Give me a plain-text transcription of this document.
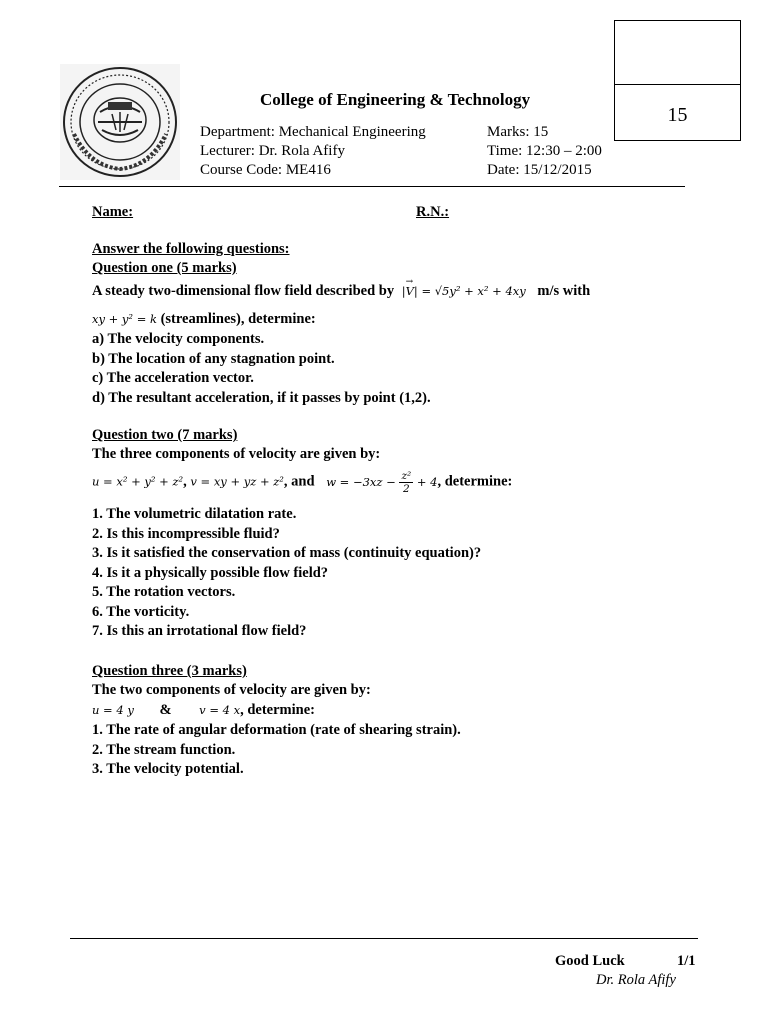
15
College of Engineering & Technology
Department: Mechanical Engineering
Lecturer: Dr. Rola Afify
Course Code: ME416
Marks: 15
Time: 12:30 – 2:00
Date: 15/12/2015
Name:	R.N.:
Answer the following questions:
Question one (5 marks)
A steady two-dimensional flow field described by |→ V| = √5y² + x² + 4xy m/s with
xy + y² = k (streamlines), determine:
a) The velocity components.
b) The location of any stagnation point.
c) The acceleration vector.
d) The resultant acceleration, if it passes by point (1,2).
Question two (7 marks)
The three components of velocity are given by:
u = x² + y² + z², v = xy + yz + z², and $w = -3xz - \frac{\text{z²}}{2} + 4$, determine:
1. The volumetric dilatation rate.
2. Is this incompressible fluid?
3. Is it satisfied the conservation of mass (continuity equation)?
4. Is it a physically possible flow field?
5. The rotation vectors.
6. The vorticity.
7. Is this an irrotational flow field?
Question three (3 marks)
The two components of velocity are given by:
u = 4 y & v = 4 x, determine:
1. The rate of angular deformation (rate of shearing strain).
2. The stream function.
3. The velocity potential.
Good Luck	1/1
Dr. Rola Afify
